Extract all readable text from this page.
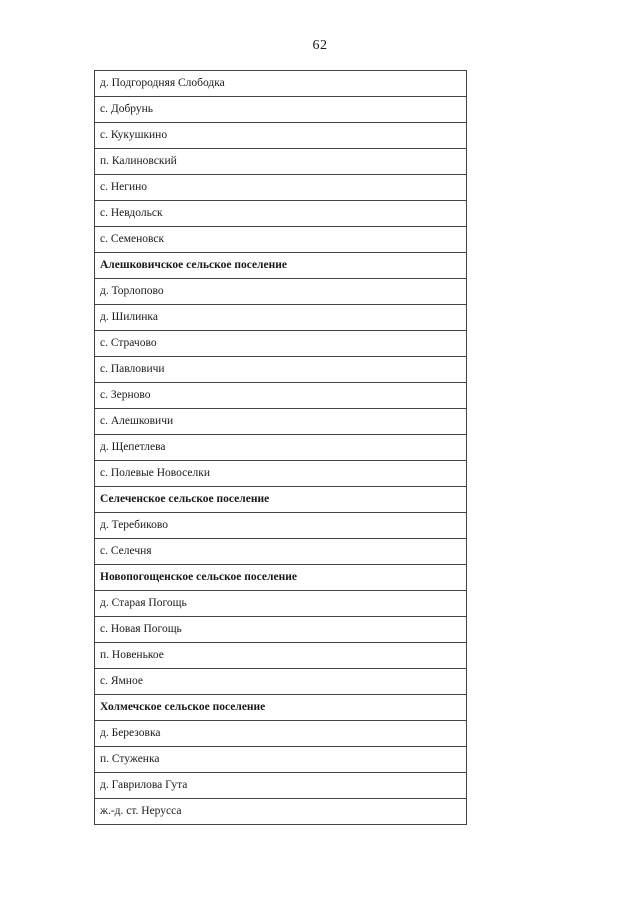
62
д. Подгородняя Слободка
с. Добрунь
с. Кукушкино
п. Калиновский
с. Негино
с. Невдольск
с. Семеновск
Алешковичское сельское поселение
д. Торлопово
д. Шилинка
с. Страчово
с. Павловичи
с. Зерново
с. Алешковичи
д. Щепетлева
с. Полевые Новоселки
Селеченское сельское поселение
д. Теребиково
с. Селечня
Новопогощенское сельское поселение
д. Старая Погощь
с. Новая Погощь
п. Новенькое
с. Ямное
Холмечское сельское поселение
д. Березовка
п. Стуженка
д. Гаврилова Гута
ж.-д. ст. Нерусса
